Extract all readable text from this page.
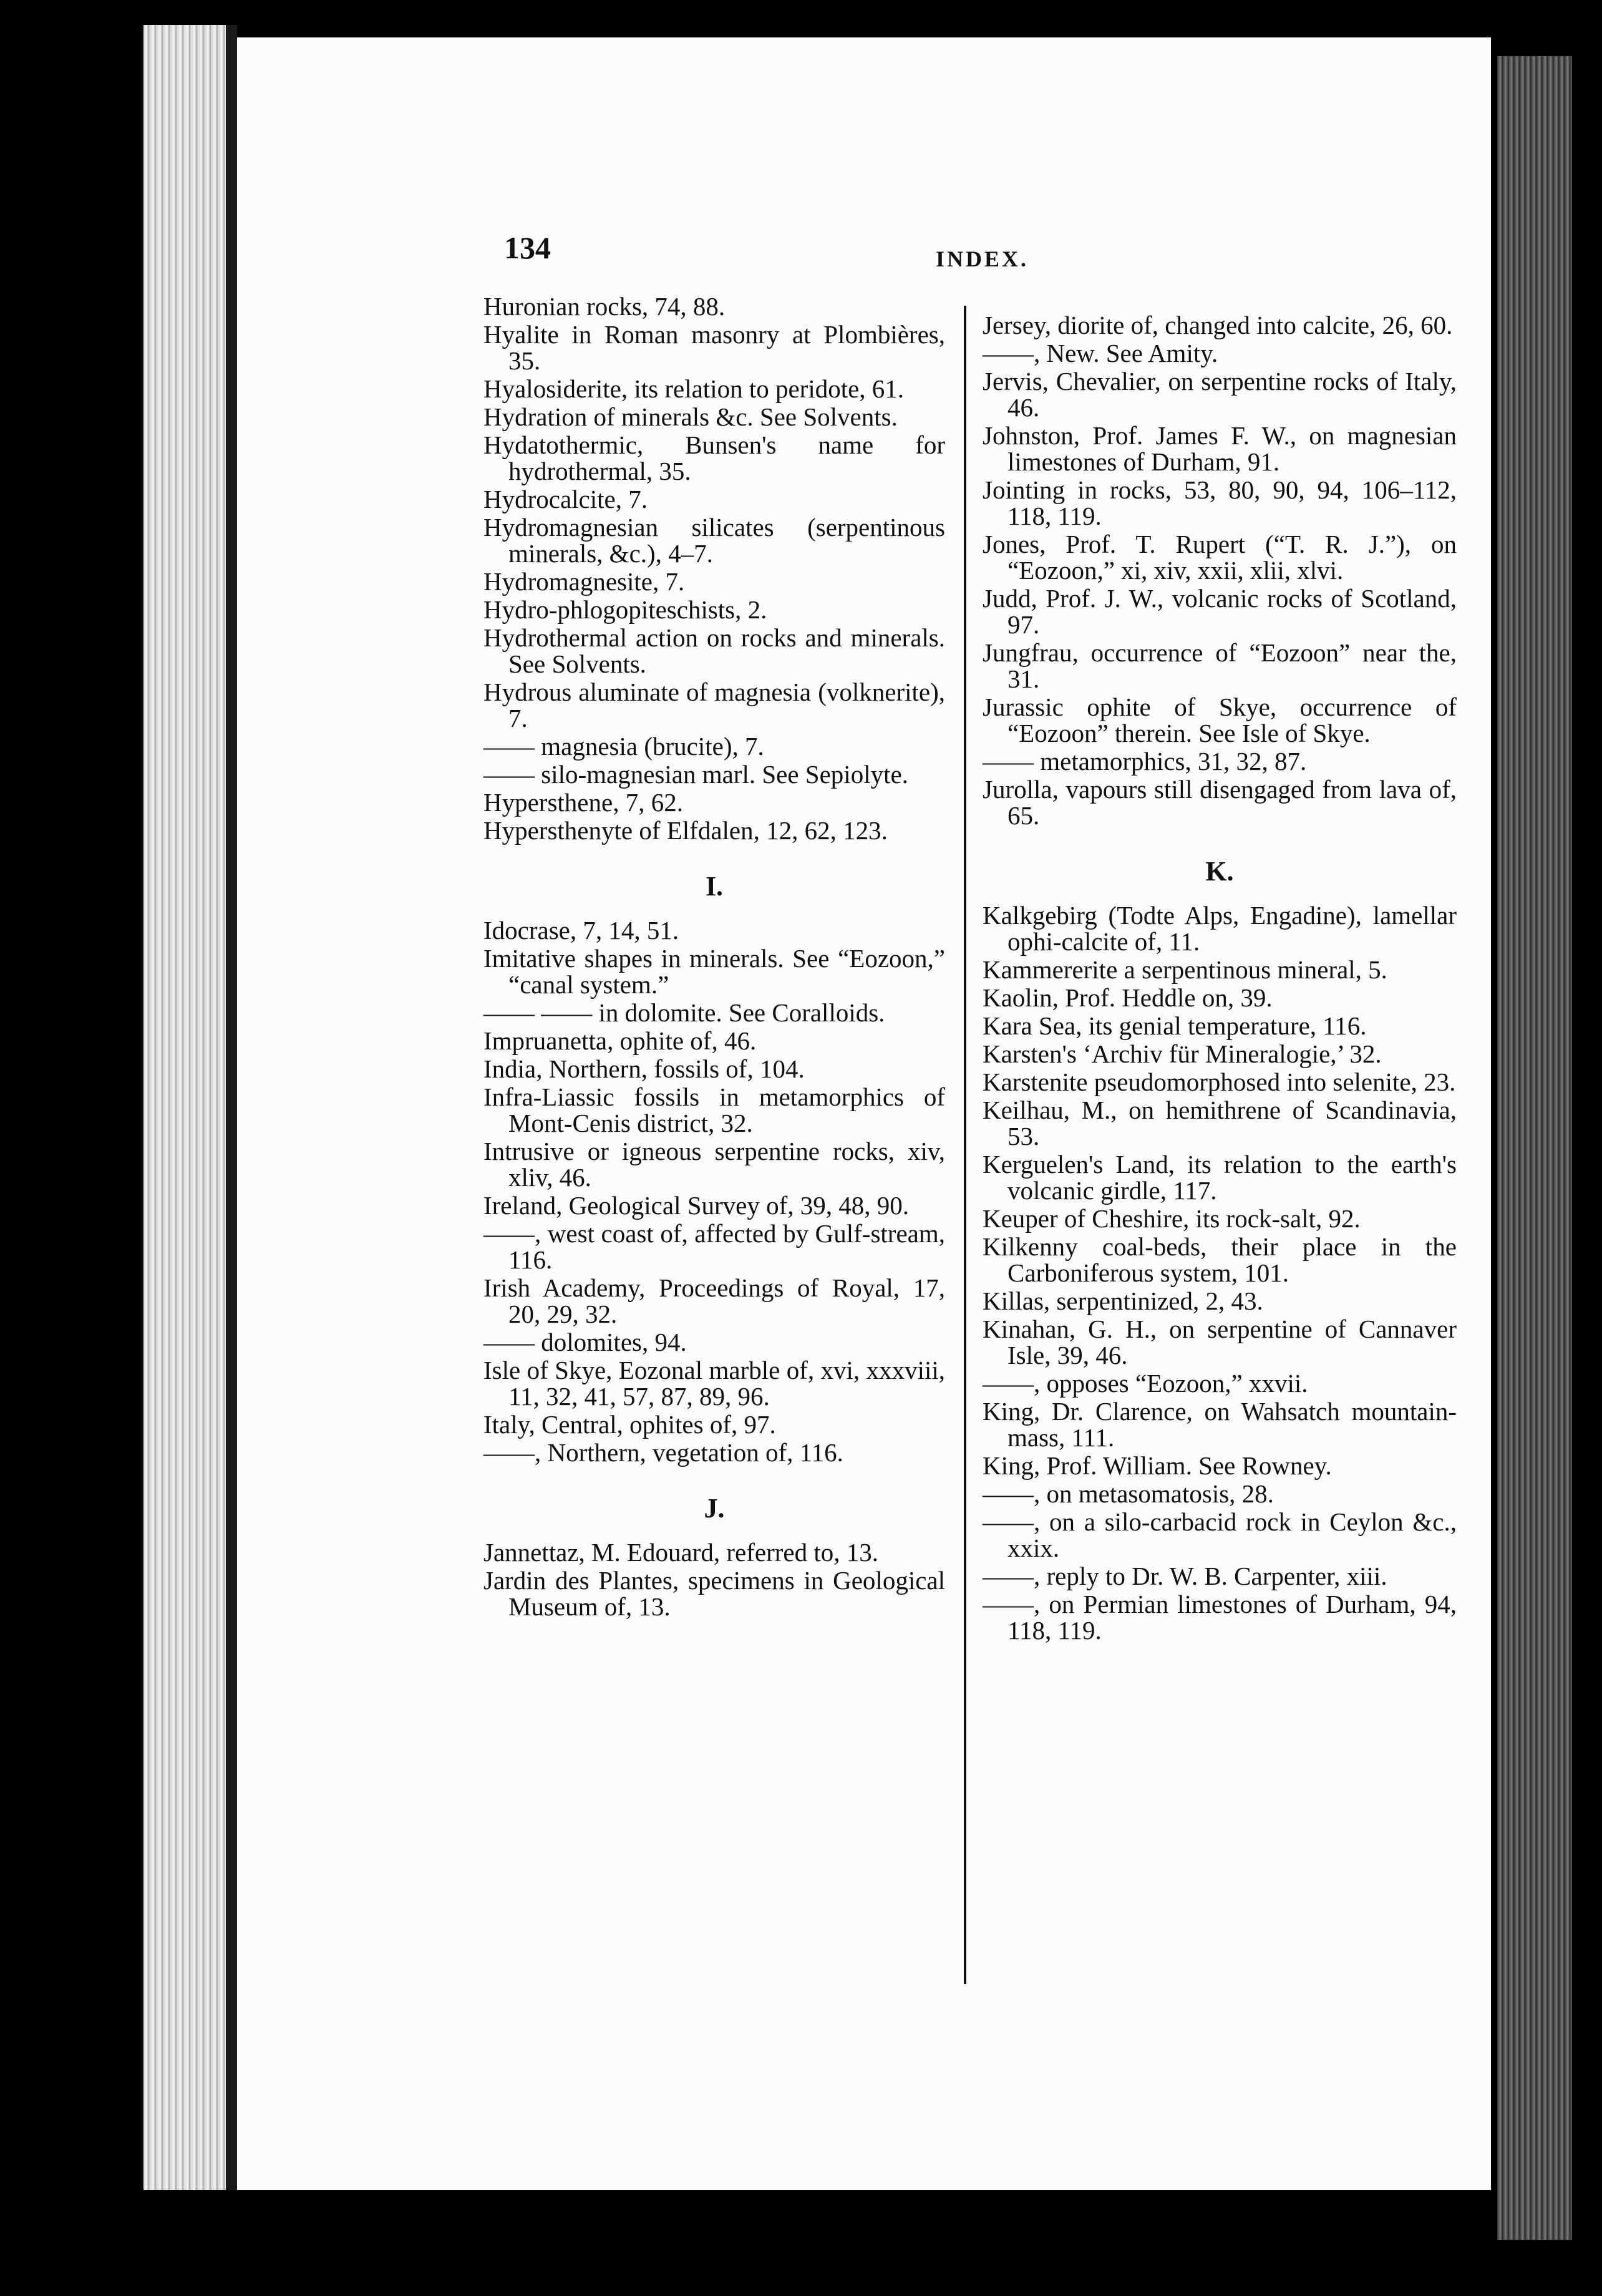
134	INDEX.
Huronian rocks, 74, 88.
Hyalite in Roman masonry at Plombières, 35.
Hyalosiderite, its relation to peridote, 61.
Hydration of minerals &c. See Solvents.
Hydatothermic, Bunsen's name for hydrothermal, 35.
Hydrocalcite, 7.
Hydromagnesian silicates (serpentinous minerals, &c.), 4–7.
Hydromagnesite, 7.
Hydro-phlogopiteschists, 2.
Hydrothermal action on rocks and minerals. See Solvents.
Hydrous aluminate of magnesia (volknerite), 7.
—— magnesia (brucite), 7.
—— silo-magnesian marl. See Sepiolyte.
Hypersthene, 7, 62.
Hypersthenyte of Elfdalen, 12, 62, 123.
I.
Idocrase, 7, 14, 51.
Imitative shapes in minerals. See “Eozoon,” “canal system.”
—— —— in dolomite. See Coralloids.
Impruanetta, ophite of, 46.
India, Northern, fossils of, 104.
Infra-Liassic fossils in metamorphics of Mont-Cenis district, 32.
Intrusive or igneous serpentine rocks, xiv, xliv, 46.
Ireland, Geological Survey of, 39, 48, 90.
——, west coast of, affected by Gulf-stream, 116.
Irish Academy, Proceedings of Royal, 17, 20, 29, 32.
—— dolomites, 94.
Isle of Skye, Eozonal marble of, xvi, xxxviii, 11, 32, 41, 57, 87, 89, 96.
Italy, Central, ophites of, 97.
——, Northern, vegetation of, 116.
J.
Jannettaz, M. Edouard, referred to, 13.
Jardin des Plantes, specimens in Geological Museum of, 13.
Jersey, diorite of, changed into calcite, 26, 60.
——, New. See Amity.
Jervis, Chevalier, on serpentine rocks of Italy, 46.
Johnston, Prof. James F. W., on magnesian limestones of Durham, 91.
Jointing in rocks, 53, 80, 90, 94, 106–112, 118, 119.
Jones, Prof. T. Rupert (“T. R. J.”), on “Eozoon,” xi, xiv, xxii, xlii, xlvi.
Judd, Prof. J. W., volcanic rocks of Scotland, 97.
Jungfrau, occurrence of “Eozoon” near the, 31.
Jurassic ophite of Skye, occurrence of “Eozoon” therein. See Isle of Skye.
—— metamorphics, 31, 32, 87.
Jurolla, vapours still disengaged from lava of, 65.
K.
Kalkgebirg (Todte Alps, Engadine), lamellar ophi-calcite of, 11.
Kammererite a serpentinous mineral, 5.
Kaolin, Prof. Heddle on, 39.
Kara Sea, its genial temperature, 116.
Karsten's ‘Archiv für Mineralogie,’ 32.
Karstenite pseudomorphosed into selenite, 23.
Keilhau, M., on hemithrene of Scandinavia, 53.
Kerguelen's Land, its relation to the earth's volcanic girdle, 117.
Keuper of Cheshire, its rock-salt, 92.
Kilkenny coal-beds, their place in the Carboniferous system, 101.
Killas, serpentinized, 2, 43.
Kinahan, G. H., on serpentine of Cannaver Isle, 39, 46.
——, opposes “Eozoon,” xxvii.
King, Dr. Clarence, on Wahsatch mountain-mass, 111.
King, Prof. William. See Rowney.
——, on metasomatosis, 28.
——, on a silo-carbacid rock in Ceylon &c., xxix.
——, reply to Dr. W. B. Carpenter, xiii.
——, on Permian limestones of Durham, 94, 118, 119.
